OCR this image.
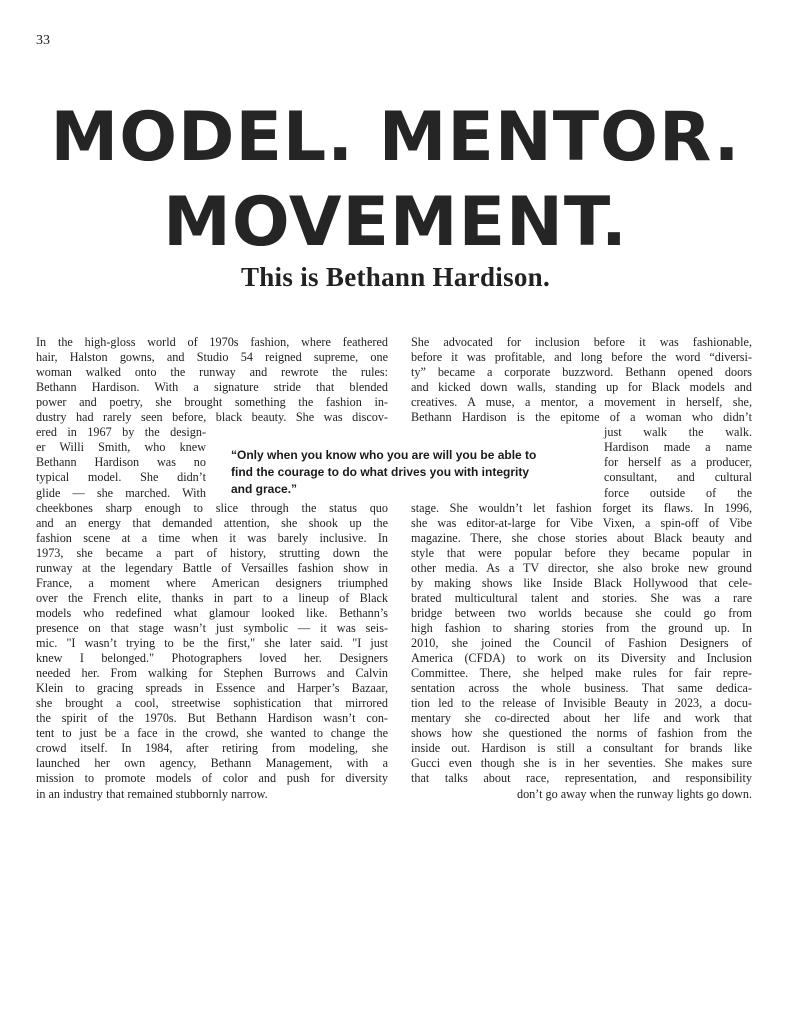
33
MODEL. MENTOR.
MOVEMENT.
This is Bethann Hardison.
In the high-gloss world of 1970s fashion, where feathered
hair, Halston gowns, and Studio 54 reigned supreme, one
woman walked onto the runway and rewrote the rules:
Bethann Hardison. With a signature stride that blended
power and poetry, she brought something the fashion in-
dustry had rarely seen before, black beauty. She was discov-
ered in 1967 by the design-
er Willi Smith, who knew
Bethann Hardison was no
typical model. She didn’t
glide — she marched. With
cheekbones sharp enough to slice through the status quo
and an energy that demanded attention, she shook up the
fashion scene at a time when it was barely inclusive. In
1973, she became a part of history, strutting down the
runway at the legendary Battle of Versailles fashion show in
France, a moment where American designers triumphed
over the French elite, thanks in part to a lineup of Black
models who redefined what glamour looked like. Bethann’s
presence on that stage wasn’t just symbolic — it was seis-
mic. "I wasn’t trying to be the first," she later said. "I just
knew I belonged." Photographers loved her. Designers
needed her. From walking for Stephen Burrows and Calvin
Klein to gracing spreads in Essence and Harper’s Bazaar,
she brought a cool, streetwise sophistication that mirrored
the spirit of the 1970s. But Bethann Hardison wasn’t con-
tent to just be a face in the crowd, she wanted to change the
crowd itself. In 1984, after retiring from modeling, she
launched her own agency, Bethann Management, with a
mission to promote models of color and push for diversity
in an industry that remained stubbornly narrow.
She advocated for inclusion before it was fashionable,
before it was profitable, and long before the word “diversi-
ty” became a corporate buzzword. Bethann opened doors
and kicked down walls, standing up for Black models and
creatives. A muse, a mentor, a movement in herself, she,
Bethann Hardison is the epitome of a woman who didn’t
just walk the walk.
Hardison made a name
for herself as a producer,
consultant, and cultural
force outside of the
stage. She wouldn’t let fashion forget its flaws. In 1996,
she was editor-at-large for Vibe Vixen, a spin-off of Vibe
magazine. There, she chose stories about Black beauty and
style that were popular before they became popular in
other media. As a TV director, she also broke new ground
by making shows like Inside Black Hollywood that cele-
brated multicultural talent and stories. She was a rare
bridge between two worlds because she could go from
high fashion to sharing stories from the ground up. In
2010, she joined the Council of Fashion Designers of
America (CFDA) to work on its Diversity and Inclusion
Committee. There, she helped make rules for fair repre-
sentation across the whole business. That same dedica-
tion led to the release of Invisible Beauty in 2023, a docu-
mentary she co-directed about her life and work that
shows how she questioned the norms of fashion from the
inside out. Hardison is still a consultant for brands like
Gucci even though she is in her seventies. She makes sure
that talks about race, representation, and responsibility
don’t go away when the runway lights go down.
“Only when you know who you are will you be able to
find the courage to do what drives you with integrity
and grace.”
